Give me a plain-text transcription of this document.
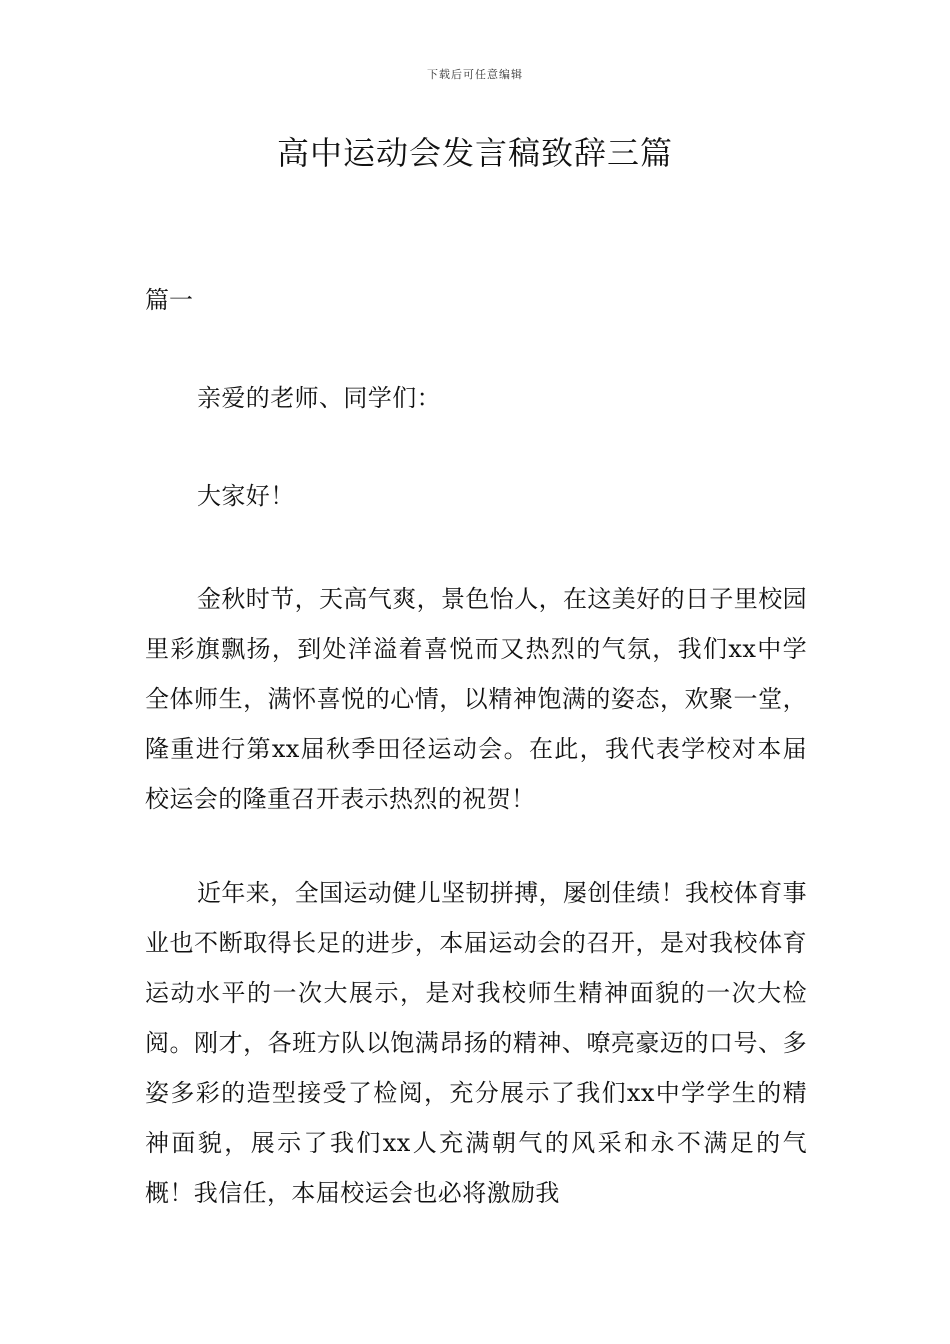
下载后可任意编辑
高中运动会发言稿致辞三篇
篇一

亲爱的老师、同学们：

大家好！

金秋时节，天高气爽，景色怡人，在这美好的日子里校园里彩旗飘扬，到处洋溢着喜悦而又热烈的气氛，我们xx中学全体师生，满怀喜悦的心情，以精神饱满的姿态，欢聚一堂，隆重进行第xx届秋季田径运动会。在此，我代表学校对本届校运会的隆重召开表示热烈的祝贺！

近年来，全国运动健儿坚韧拼搏，屡创佳绩！我校体育事业也不断取得长足的进步，本届运动会的召开，是对我校体育运动水平的一次大展示，是对我校师生精神面貌的一次大检阅。刚才，各班方队以饱满昂扬的精神、嘹亮豪迈的口号、多姿多彩的造型接受了检阅，充分展示了我们xx中学学生的精神面貌，展示了我们xx人充满朝气的风采和永不满足的气概！我信任，本届校运会也必将激励我
